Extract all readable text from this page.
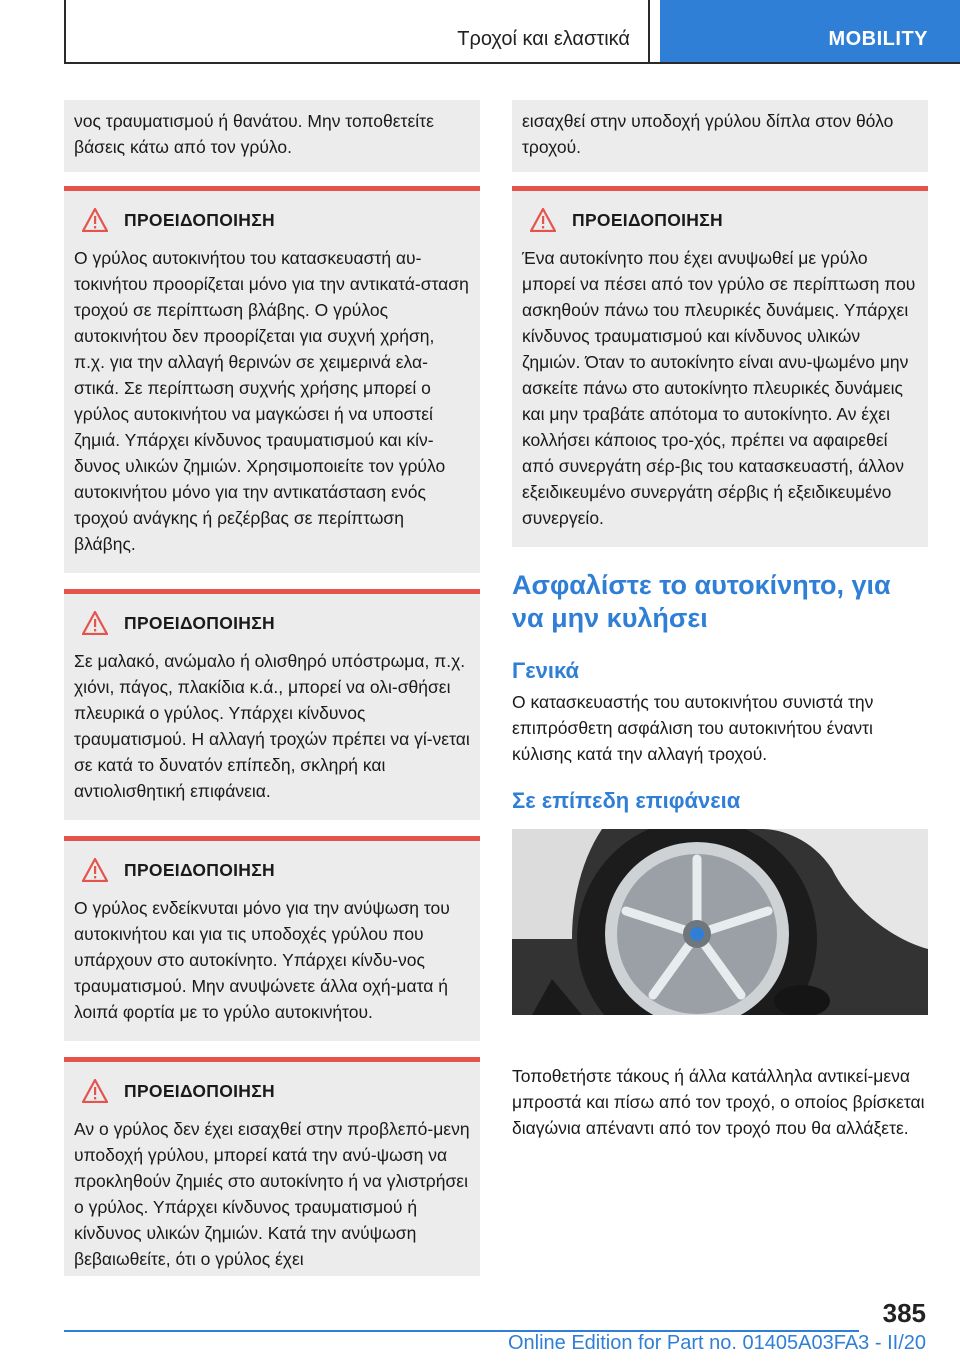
Τροχοί και ελαστικά	MOBILITY

νος τραυματισμού ή θανάτου. Μην τοποθετείτε βάσεις κάτω από τον γρύλο.

ΠΡΟΕΙΔΟΠΟΙΗΣΗ

Ο γρύλος αυτοκινήτου του κατασκευαστή αυ-τοκινήτου προορίζεται μόνο για την αντικατά-σταση τροχού σε περίπτωση βλάβης. Ο γρύλος αυτοκινήτου δεν προορίζεται για συχνή χρήση, π.χ. για την αλλαγή θερινών σε χειμερινά ελα-στικά. Σε περίπτωση συχνής χρήσης μπορεί ο γρύλος αυτοκινήτου να μαγκώσει ή να υποστεί ζημιά. Υπάρχει κίνδυνος τραυματισμού και κίν-δυνος υλικών ζημιών. Χρησιμοποιείτε τον γρύλο αυτοκινήτου μόνο για την αντικατάσταση ενός τροχού ανάγκης ή ρεζέρβας σε περίπτωση βλάβης.

ΠΡΟΕΙΔΟΠΟΙΗΣΗ

Σε μαλακό, ανώμαλο ή ολισθηρό υπόστρωμα, π.χ. χιόνι, πάγος, πλακίδια κ.ά., μπορεί να ολι-σθήσει πλευρικά ο γρύλος. Υπάρχει κίνδυνος τραυματισμού. Η αλλαγή τροχών πρέπει να γί-νεται σε κατά το δυνατόν επίπεδη, σκληρή και αντιολισθητική επιφάνεια.

ΠΡΟΕΙΔΟΠΟΙΗΣΗ

Ο γρύλος ενδείκνυται μόνο για την ανύψωση του αυτοκινήτου και για τις υποδοχές γρύλου που υπάρχουν στο αυτοκίνητο. Υπάρχει κίνδυ-νος τραυματισμού. Μην ανυψώνετε άλλα οχή-ματα ή λοιπά φορτία με το γρύλο αυτοκινήτου.

ΠΡΟΕΙΔΟΠΟΙΗΣΗ

Αν ο γρύλος δεν έχει εισαχθεί στην προβλεπό-μενη υποδοχή γρύλου, μπορεί κατά την ανύ-ψωση να προκληθούν ζημιές στο αυτοκίνητο ή να γλιστρήσει ο γρύλος. Υπάρχει κίνδυνος τραυματισμού ή κίνδυνος υλικών ζημιών. Κατά την ανύψωση βεβαιωθείτε, ότι ο γρύλος έχει

εισαχθεί στην υποδοχή γρύλου δίπλα στον θόλο τροχού.

ΠΡΟΕΙΔΟΠΟΙΗΣΗ

Ένα αυτοκίνητο που έχει ανυψωθεί με γρύλο μπορεί να πέσει από τον γρύλο σε περίπτωση που ασκηθούν πάνω του πλευρικές δυνάμεις. Υπάρχει κίνδυνος τραυματισμού και κίνδυνος υλικών ζημιών. Όταν το αυτοκίνητο είναι ανυ-ψωμένο μην ασκείτε πάνω στο αυτοκίνητο πλευρικές δυνάμεις και μην τραβάτε απότομα το αυτοκίνητο. Αν έχει κολλήσει κάποιος τρο-χός, πρέπει να αφαιρεθεί από συνεργάτη σέρ-βις του κατασκευαστή, άλλον εξειδικευμένο συνεργάτη σέρβις ή εξειδικευμένο συνεργείο.

Ασφαλίστε το αυτοκίνητο, για να μην κυλήσει
Γενικά

Ο κατασκευαστής του αυτοκινήτου συνιστά την επιπρόσθετη ασφάλιση του αυτοκινήτου έναντι κύλισης κατά την αλλαγή τροχού.

Σε επίπεδη επιφάνεια

Τοποθετήστε τάκους ή άλλα κατάλληλα αντικεί-μενα μπροστά και πίσω από τον τροχό, ο οποίος βρίσκεται διαγώνια απέναντι από τον τροχό που θα αλλάξετε.

385
Online Edition for Part no. 01405A03FA3 - II/20
